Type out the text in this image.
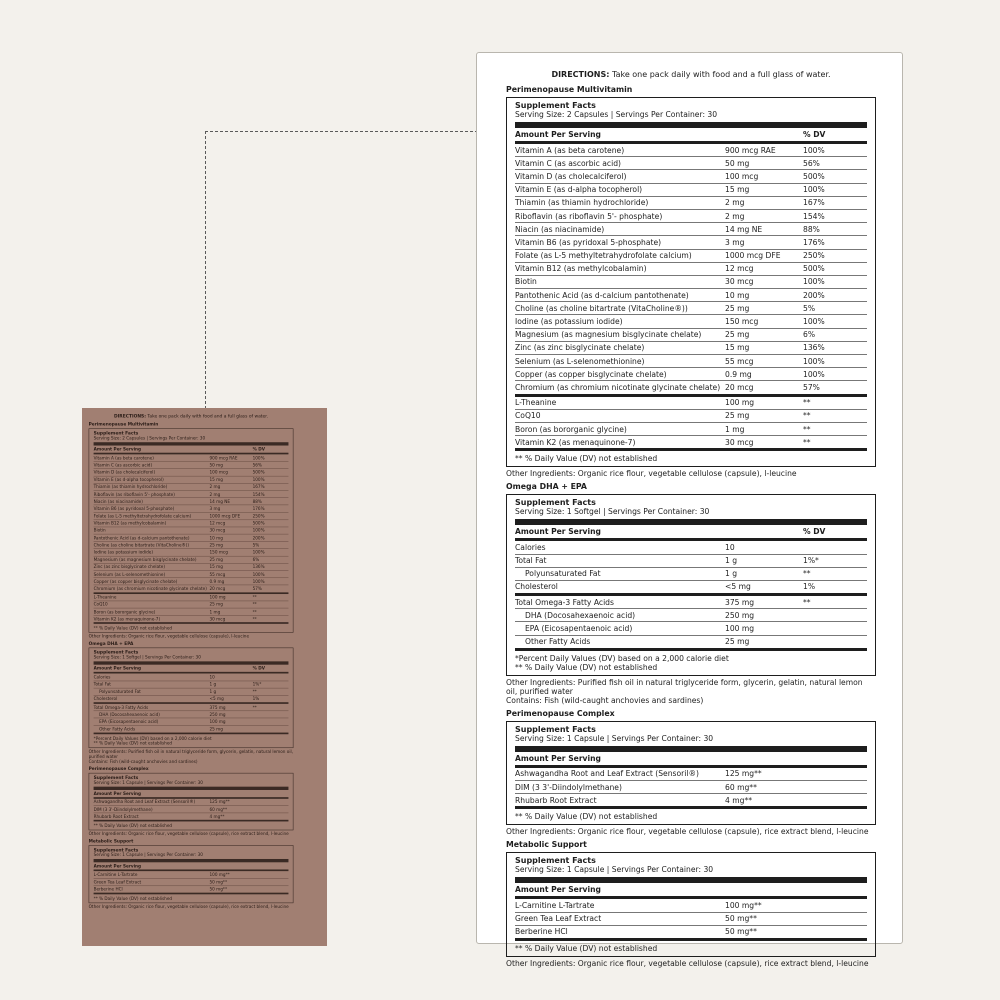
DIRECTIONS: Take one pack daily with food and a full glass of water.
Perimenopause Multivitamin
Supplement Facts
Serving Size: 2 Capsules | Servings Per Container: 30
Amount Per Serving	% DV
Vitamin A (as beta carotene)	900 mcg RAE	100%
Vitamin C (as ascorbic acid)	50 mg	56%
Vitamin D (as cholecalciferol)	100 mcg	500%
Vitamin E (as d-alpha tocopherol)	15 mg	100%
Thiamin (as thiamin hydrochloride)	2 mg	167%
Riboflavin (as riboflavin 5'- phosphate)	2 mg	154%
Niacin (as niacinamide)	14 mg NE	88%
Vitamin B6 (as pyridoxal 5-phosphate)	3 mg	176%
Folate (as L-5 methyltetrahydrofolate calcium)	1000 mcg DFE	250%
Vitamin B12 (as methylcobalamin)	12 mcg	500%
Biotin	30 mcg	100%
Pantothenic Acid (as d-calcium pantothenate)	10 mg	200%
Choline (as choline bitartrate (VitaCholine®))	25 mg	5%
Iodine (as potassium iodide)	150 mcg	100%
Magnesium (as magnesium bisglycinate chelate)	25 mg	6%
Zinc (as zinc bisglycinate chelate)	15 mg	136%
Selenium (as L-selenomethionine)	55 mcg	100%
Copper (as copper bisglycinate chelate)	0.9 mg	100%
Chromium (as chromium nicotinate glycinate chelate) 20 mcg	57%
L-Theanine	100 mg	**
CoQ10	25 mg	**
Boron (as bororganic glycine)	1 mg	**
Vitamin K2 (as menaquinone-7)	30 mcg	**
** % Daily Value (DV) not established
Other Ingredients: Organic rice flour, vegetable cellulose (capsule), l-leucine
Omega DHA + EPA
Supplement Facts
Serving Size: 1 Softgel | Servings Per Container: 30
Amount Per Serving	% DV
Calories	10
Total Fat	1 g	1%*
Polyunsaturated Fat	1 g	**
Cholesterol	<5 mg	1%
Total Omega-3 Fatty Acids	375 mg	**
DHA (Docosahexaenoic acid)	250 mg
EPA (Eicosapentaenoic acid)	100 mg
Other Fatty Acids	25 mg
*Percent Daily Values (DV) based on a 2,000 calorie diet
** % Daily Value (DV) not established
Other Ingredients: Purified fish oil in natural triglyceride form, glycerin, gelatin, natural lemon oil, purified water
Contains: Fish (wild-caught anchovies and sardines)
Perimenopause Complex
Supplement Facts
Serving Size: 1 Capsule | Servings Per Container: 30
Amount Per Serving
Ashwagandha Root and Leaf Extract (Sensoril®)	125 mg**
DIM (3 3'-Diindolylmethane)	60 mg**
Rhubarb Root Extract	4 mg**
** % Daily Value (DV) not established
Other Ingredients: Organic rice flour, vegetable cellulose (capsule), rice extract blend, l-leucine
Metabolic Support
Supplement Facts
Serving Size: 1 Capsule | Servings Per Container: 30
Amount Per Serving
L-Carnitine L-Tartrate	100 mg**
Green Tea Leaf Extract	50 mg**
Berberine HCl	50 mg**
** % Daily Value (DV) not established
Other Ingredients: Organic rice flour, vegetable cellulose (capsule), rice extract blend, l-leucine
DIRECTIONS: Take one pack daily with food and a full glass of water.
Perimenopause Multivitamin
Supplement Facts
Serving Size: 2 Capsules | Servings Per Container: 30
Amount Per Serving	% DV
Vitamin A (as beta carotene)	900 mcg RAE	100%
Vitamin C (as ascorbic acid)	50 mg	56%
Vitamin D (as cholecalciferol)	100 mcg	500%
Vitamin E (as d-alpha tocopherol)	15 mg	100%
Thiamin (as thiamin hydrochloride)	2 mg	167%
Riboflavin (as riboflavin 5'- phosphate)	2 mg	154%
Niacin (as niacinamide)	14 mg NE	88%
Vitamin B6 (as pyridoxal 5-phosphate)	3 mg	176%
Folate (as L-5 methyltetrahydrofolate calcium)	1000 mcg DFE	250%
Vitamin B12 (as methylcobalamin)	12 mcg	500%
Biotin	30 mcg	100%
Pantothenic Acid (as d-calcium pantothenate)	10 mg	200%
Choline (as choline bitartrate (VitaCholine®))	25 mg	5%
Iodine (as potassium iodide)	150 mcg	100%
Magnesium (as magnesium bisglycinate chelate)	25 mg	6%
Zinc (as zinc bisglycinate chelate)	15 mg	136%
Selenium (as L-selenomethionine)	55 mcg	100%
Copper (as copper bisglycinate chelate)	0.9 mg	100%
Chromium (as chromium nicotinate glycinate chelate) 20 mcg	57%
L-Theanine	100 mg	**
CoQ10	25 mg	**
Boron (as bororganic glycine)	1 mg	**
Vitamin K2 (as menaquinone-7)	30 mcg	**
** % Daily Value (DV) not established
Other Ingredients: Organic rice flour, vegetable cellulose (capsule), l-leucine
Omega DHA + EPA
Supplement Facts
Serving Size: 1 Softgel | Servings Per Container: 30
Amount Per Serving	% DV
Calories	10
Total Fat	1 g	1%*
Polyunsaturated Fat	1 g	**
Cholesterol	<5 mg	1%
Total Omega-3 Fatty Acids	375 mg	**
DHA (Docosahexaenoic acid)	250 mg
EPA (Eicosapentaenoic acid)	100 mg
Other Fatty Acids	25 mg
*Percent Daily Values (DV) based on a 2,000 calorie diet
** % Daily Value (DV) not established
Other Ingredients: Purified fish oil in natural triglyceride form, glycerin, gelatin, natural lemon oil, purified water
Contains: Fish (wild-caught anchovies and sardines)
Perimenopause Complex
Supplement Facts
Serving Size: 1 Capsule | Servings Per Container: 30
Amount Per Serving
Ashwagandha Root and Leaf Extract (Sensoril®)	125 mg**
DIM (3 3'-Diindolylmethane)	60 mg**
Rhubarb Root Extract	4 mg**
** % Daily Value (DV) not established
Other Ingredients: Organic rice flour, vegetable cellulose (capsule), rice extract blend, l-leucine
Metabolic Support
Supplement Facts
Serving Size: 1 Capsule | Servings Per Container: 30
Amount Per Serving
L-Carnitine L-Tartrate	100 mg**
Green Tea Leaf Extract	50 mg**
Berberine HCl	50 mg**
** % Daily Value (DV) not established
Other Ingredients: Organic rice flour, vegetable cellulose (capsule), rice extract blend, l-leucine
